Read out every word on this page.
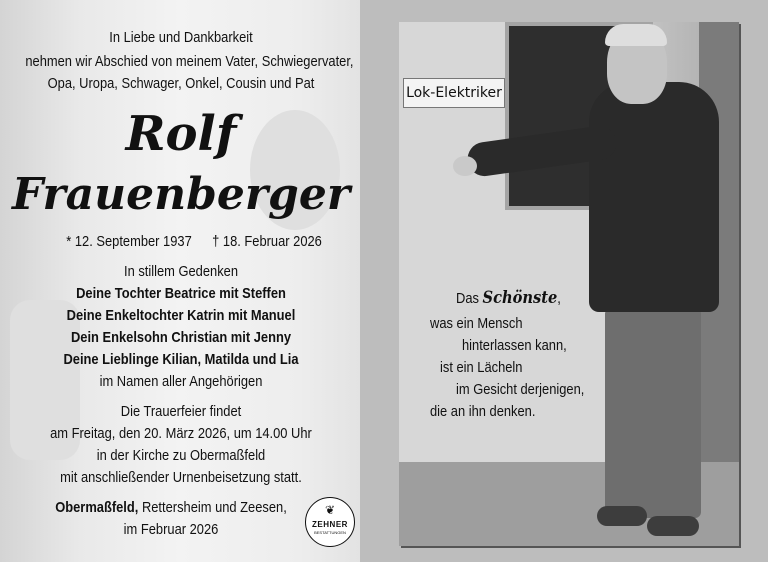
In Liebe und Dankbarkeit
nehmen wir Abschied von meinem Vater, Schwiegervater,
Opa, Uropa, Schwager, Onkel, Cousin und Pat
Rolf
Frauenberger
* 12. September 1937	† 18. Februar 2026
In stillem Gedenken
Deine Tochter Beatrice mit Steffen
Deine Enkeltochter Katrin mit Manuel
Dein Enkelsohn Christian mit Jenny
Deine Lieblinge Kilian, Matilda und Lia
im Namen aller Angehörigen
Die Trauerfeier findet
am Freitag, den 20. März 2026, um 14.00 Uhr
in der Kirche zu Obermaßfeld
mit anschließender Urnenbeisetzung statt.
Obermaßfeld, Rettersheim und Zeesen,
im Februar 2026
❦
ZEHNER
BESTATTUNGEN
Lok-Elektriker
Das Schönste,
was ein Mensch
hinterlassen kann,
ist ein Lächeln
im Gesicht derjenigen,
die an ihn denken.
